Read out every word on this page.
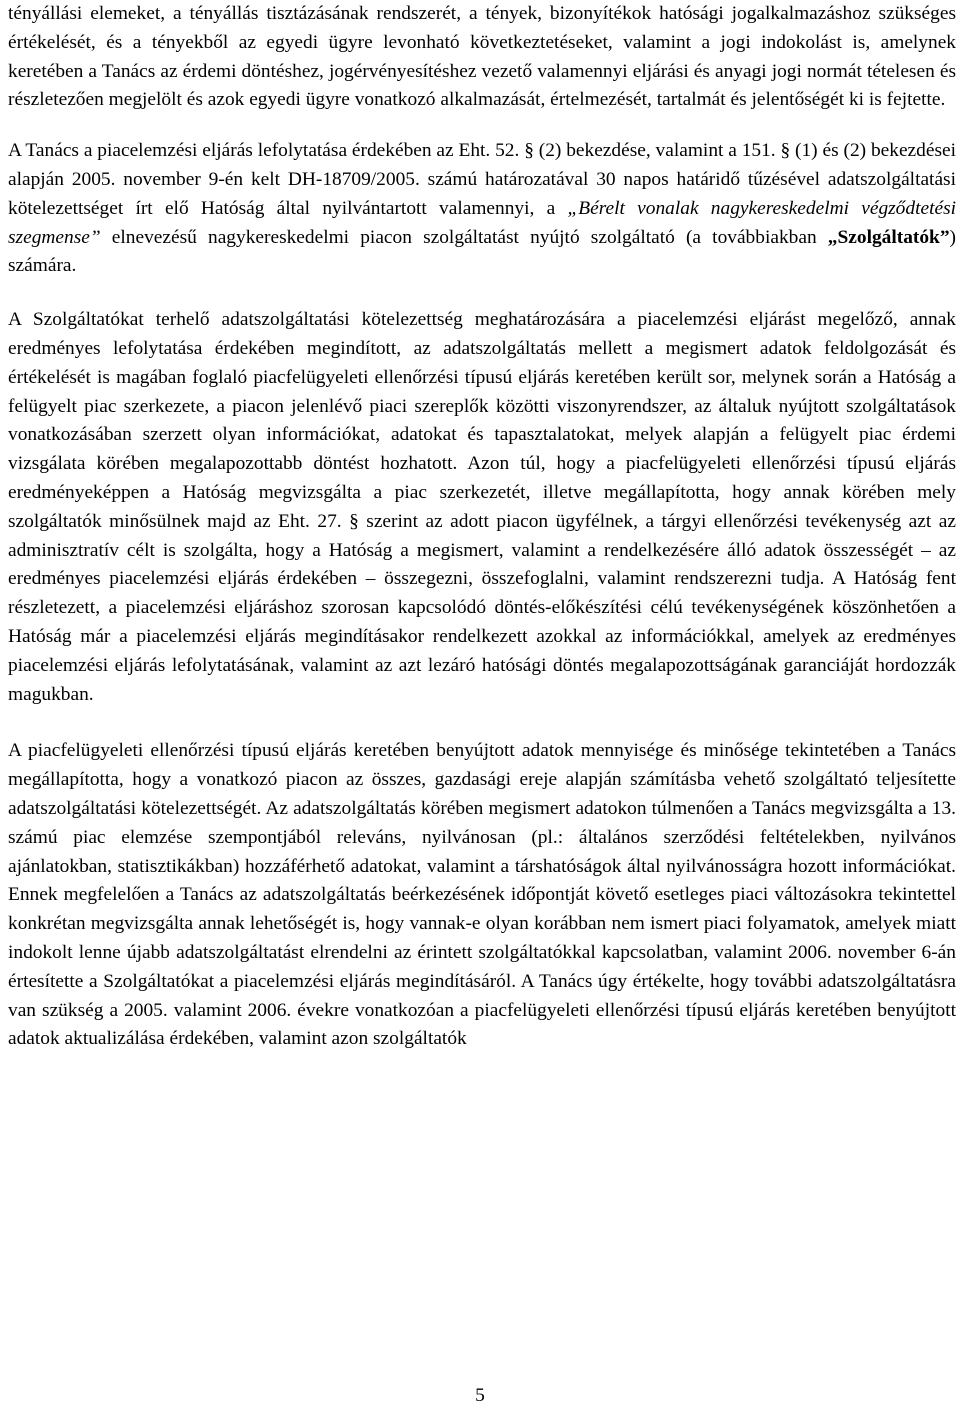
tényállási elemeket, a tényállás tisztázásának rendszerét, a tények, bizonyítékok hatósági jogalkalmazáshoz szükséges értékelését, és a tényekből az egyedi ügyre levonható következtetéseket, valamint a jogi indokolást is, amelynek keretében a Tanács az érdemi döntéshez, jogérvényesítéshez vezető valamennyi eljárási és anyagi jogi normát tételesen és részletezően megjelölt és azok egyedi ügyre vonatkozó alkalmazását, értelmezését, tartalmát és jelentőségét ki is fejtette.

A Tanács a piacelemzési eljárás lefolytatása érdekében az Eht. 52. § (2) bekezdése, valamint a 151. § (1) és (2) bekezdései alapján 2005. november 9-én kelt DH-18709/2005. számú határozatával 30 napos határidő tűzésével adatszolgáltatási kötelezettséget írt elő Hatóság által nyilvántartott valamennyi, a „Bérelt vonalak nagykereskedelmi végződtetési szegmense” elnevezésű nagykereskedelmi piacon szolgáltatást nyújtó szolgáltató (a továbbiakban „Szolgáltatók”) számára.

A Szolgáltatókat terhelő adatszolgáltatási kötelezettség meghatározására a piacelemzési eljárást megelőző, annak eredményes lefolytatása érdekében megindított, az adatszolgáltatás mellett a megismert adatok feldolgozását és értékelését is magában foglaló piacfelügyeleti ellenőrzési típusú eljárás keretében került sor, melynek során a Hatóság a felügyelt piac szerkezete, a piacon jelenlévő piaci szereplők közötti viszonyrendszer, az általuk nyújtott szolgáltatások vonatkozásában szerzett olyan információkat, adatokat és tapasztalatokat, melyek alapján a felügyelt piac érdemi vizsgálata körében megalapozottabb döntést hozhatott. Azon túl, hogy a piacfelügyeleti ellenőrzési típusú eljárás eredményeképpen a Hatóság megvizsgálta a piac szerkezetét, illetve megállapította, hogy annak körében mely szolgáltatók minősülnek majd az Eht. 27. § szerint az adott piacon ügyfélnek, a tárgyi ellenőrzési tevékenység azt az adminisztratív célt is szolgálta, hogy a Hatóság a megismert, valamint a rendelkezésére álló adatok összességét – az eredményes piacelemzési eljárás érdekében – összegezni, összefoglalni, valamint rendszerezni tudja. A Hatóság fent részletezett, a piacelemzési eljáráshoz szorosan kapcsolódó döntés-előkészítési célú tevékenységének köszönhetően a Hatóság már a piacelemzési eljárás megindításakor rendelkezett azokkal az információkkal, amelyek az eredményes piacelemzési eljárás lefolytatásának, valamint az azt lezáró hatósági döntés megalapozottságának garanciáját hordozzák magukban.

A piacfelügyeleti ellenőrzési típusú eljárás keretében benyújtott adatok mennyisége és minősége tekintetében a Tanács megállapította, hogy a vonatkozó piacon az összes, gazdasági ereje alapján számításba vehető szolgáltató teljesítette adatszolgáltatási kötelezettségét. Az adatszolgáltatás körében megismert adatokon túlmenően a Tanács megvizsgálta a 13. számú piac elemzése szempontjából releváns, nyilvánosan (pl.: általános szerződési feltételekben, nyilvános ajánlatokban, statisztikákban) hozzáférhető adatokat, valamint a társhatóságok által nyilvánosságra hozott információkat. Ennek megfelelően a Tanács az adatszolgáltatás beérkezésének időpontját követő esetleges piaci változásokra tekintettel konkrétan megvizsgálta annak lehetőségét is, hogy vannak-e olyan korábban nem ismert piaci folyamatok, amelyek miatt indokolt lenne újabb adatszolgáltatást elrendelni az érintett szolgáltatókkal kapcsolatban, valamint 2006. november 6-án értesítette a Szolgáltatókat a piacelemzési eljárás megindításáról. A Tanács úgy értékelte, hogy további adatszolgáltatásra van szükség a 2005. valamint 2006. évekre vonatkozóan a piacfelügyeleti ellenőrzési típusú eljárás keretében benyújtott adatok aktualizálása érdekében, valamint azon szolgáltatók

5
